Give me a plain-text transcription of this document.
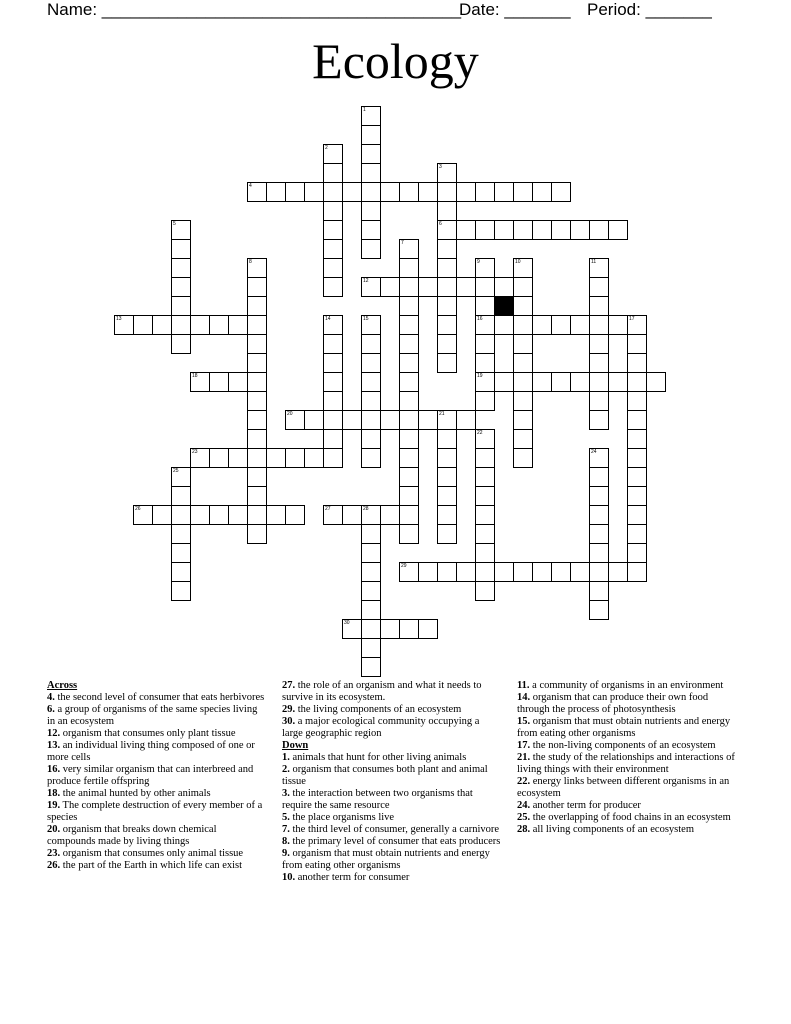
Name: ______________________________________
Date: _______ Period: _______
Ecology
4
6
12
13	16
18	19
20	21
23
26	27	28
29
30
1
2
3
5
7
8	9	10	11
14	15	17
22
24
25

Across

4. the second level of consumer that eats herbivores

6. a group of organisms of the same species living in an ecosystem

12. organism that consumes only plant tissue

13. an individual living thing composed of one or more cells

16. very similar organism that can interbreed and produce fertile offspring

18. the animal hunted by other animals

19. The complete destruction of every member of a species

20. organism that breaks down chemical compounds made by living things

23. organism that consumes only animal tissue

26. the part of the Earth in which life can exist

27. the role of an organism and what it needs to survive in its ecosystem.

29. the living components of an ecosystem

30. a major ecological community occupying a large geographic region

Down

1. animals that hunt for other living animals

2. organism that consumes both plant and animal tissue

3. the interaction between two organisms that require the same resource

5. the place organisms live

7. the third level of consumer, generally a carnivore

8. the primary level of consumer that eats producers

9. organism that must obtain nutrients and energy from eating other organisms

10. another term for consumer

11. a community of organisms in an environment

14. organism that can produce their own food through the process of photosynthesis

15. organism that must obtain nutrients and energy from eating other organisms

17. the non-living components of an ecosystem

21. the study of the relationships and interactions of living things with their environment

22. energy links between different organisms in an ecosystem

24. another term for producer

25. the overlapping of food chains in an ecosystem

28. all living components of an ecosystem
